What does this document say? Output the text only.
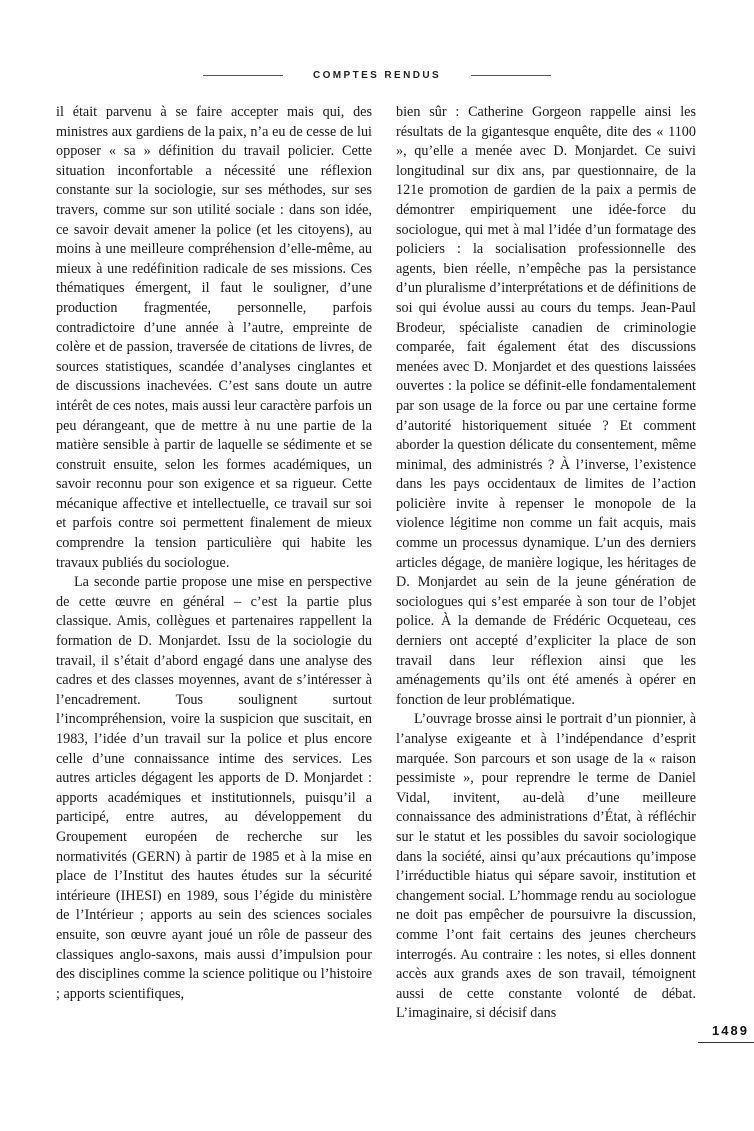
COMPTES RENDUS

il était parvenu à se faire accepter mais qui, des ministres aux gardiens de la paix, n’a eu de cesse de lui opposer « sa » définition du travail policier. Cette situation inconfortable a nécessité une réflexion constante sur la sociologie, sur ses méthodes, sur ses travers, comme sur son utilité sociale : dans son idée, ce savoir devait amener la police (et les citoyens), au moins à une meilleure compréhension d’elle-même, au mieux à une redéfinition radicale de ses missions. Ces thématiques émergent, il faut le souligner, d’une production fragmentée, personnelle, parfois contradictoire d’une année à l’autre, empreinte de colère et de passion, traversée de citations de livres, de sources statistiques, scandée d’analyses cinglantes et de discussions inachevées. C’est sans doute un autre intérêt de ces notes, mais aussi leur caractère parfois un peu dérangeant, que de mettre à nu une partie de la matière sensible à partir de laquelle se sédimente et se construit ensuite, selon les formes académiques, un savoir reconnu pour son exigence et sa rigueur. Cette mécanique affective et intellectuelle, ce travail sur soi et parfois contre soi permettent finalement de mieux comprendre la tension particulière qui habite les travaux publiés du sociologue.

La seconde partie propose une mise en perspective de cette œuvre en général – c’est la partie plus classique. Amis, collègues et partenaires rappellent la formation de D. Monjardet. Issu de la sociologie du travail, il s’était d’abord engagé dans une analyse des cadres et des classes moyennes, avant de s’intéresser à l’encadrement. Tous soulignent surtout l’incompréhension, voire la suspicion que suscitait, en 1983, l’idée d’un travail sur la police et plus encore celle d’une connaissance intime des services. Les autres articles dégagent les apports de D. Monjardet : apports académiques et institutionnels, puisqu’il a participé, entre autres, au développement du Groupement européen de recherche sur les normativités (GERN) à partir de 1985 et à la mise en place de l’Institut des hautes études sur la sécurité intérieure (IHESI) en 1989, sous l’égide du ministère de l’Intérieur ; apports au sein des sciences sociales ensuite, son œuvre ayant joué un rôle de passeur des classiques anglo-saxons, mais aussi d’impulsion pour des disciplines comme la science politique ou l’histoire ; apports scientifiques,

bien sûr : Catherine Gorgeon rappelle ainsi les résultats de la gigantesque enquête, dite des « 1100 », qu’elle a menée avec D. Monjardet. Ce suivi longitudinal sur dix ans, par questionnaire, de la 121e promotion de gardien de la paix a permis de démontrer empiriquement une idée-force du sociologue, qui met à mal l’idée d’un formatage des policiers : la socialisation professionnelle des agents, bien réelle, n’empêche pas la persistance d’un pluralisme d’interprétations et de définitions de soi qui évolue aussi au cours du temps. Jean-Paul Brodeur, spécialiste canadien de criminologie comparée, fait également état des discussions menées avec D. Monjardet et des questions laissées ouvertes : la police se définit-elle fondamentalement par son usage de la force ou par une certaine forme d’autorité historiquement située ? Et comment aborder la question délicate du consentement, même minimal, des administrés ? À l’inverse, l’existence dans les pays occidentaux de limites de l’action policière invite à repenser le monopole de la violence légitime non comme un fait acquis, mais comme un processus dynamique. L’un des derniers articles dégage, de manière logique, les héritages de D. Monjardet au sein de la jeune génération de sociologues qui s’est emparée à son tour de l’objet police. À la demande de Frédéric Ocqueteau, ces derniers ont accepté d’expliciter la place de son travail dans leur réflexion ainsi que les aménagements qu’ils ont été amenés à opérer en fonction de leur problématique.

L’ouvrage brosse ainsi le portrait d’un pionnier, à l’analyse exigeante et à l’indépendance d’esprit marquée. Son parcours et son usage de la « raison pessimiste », pour reprendre le terme de Daniel Vidal, invitent, au-delà d’une meilleure connaissance des administrations d’État, à réfléchir sur le statut et les possibles du savoir sociologique dans la société, ainsi qu’aux précautions qu’impose l’irréductible hiatus qui sépare savoir, institution et changement social. L’hommage rendu au sociologue ne doit pas empêcher de poursuivre la discussion, comme l’ont fait certains des jeunes chercheurs interrogés. Au contraire : les notes, si elles donnent accès aux grands axes de son travail, témoignent aussi de cette constante volonté de débat. L’imaginaire, si décisif dans

1489
